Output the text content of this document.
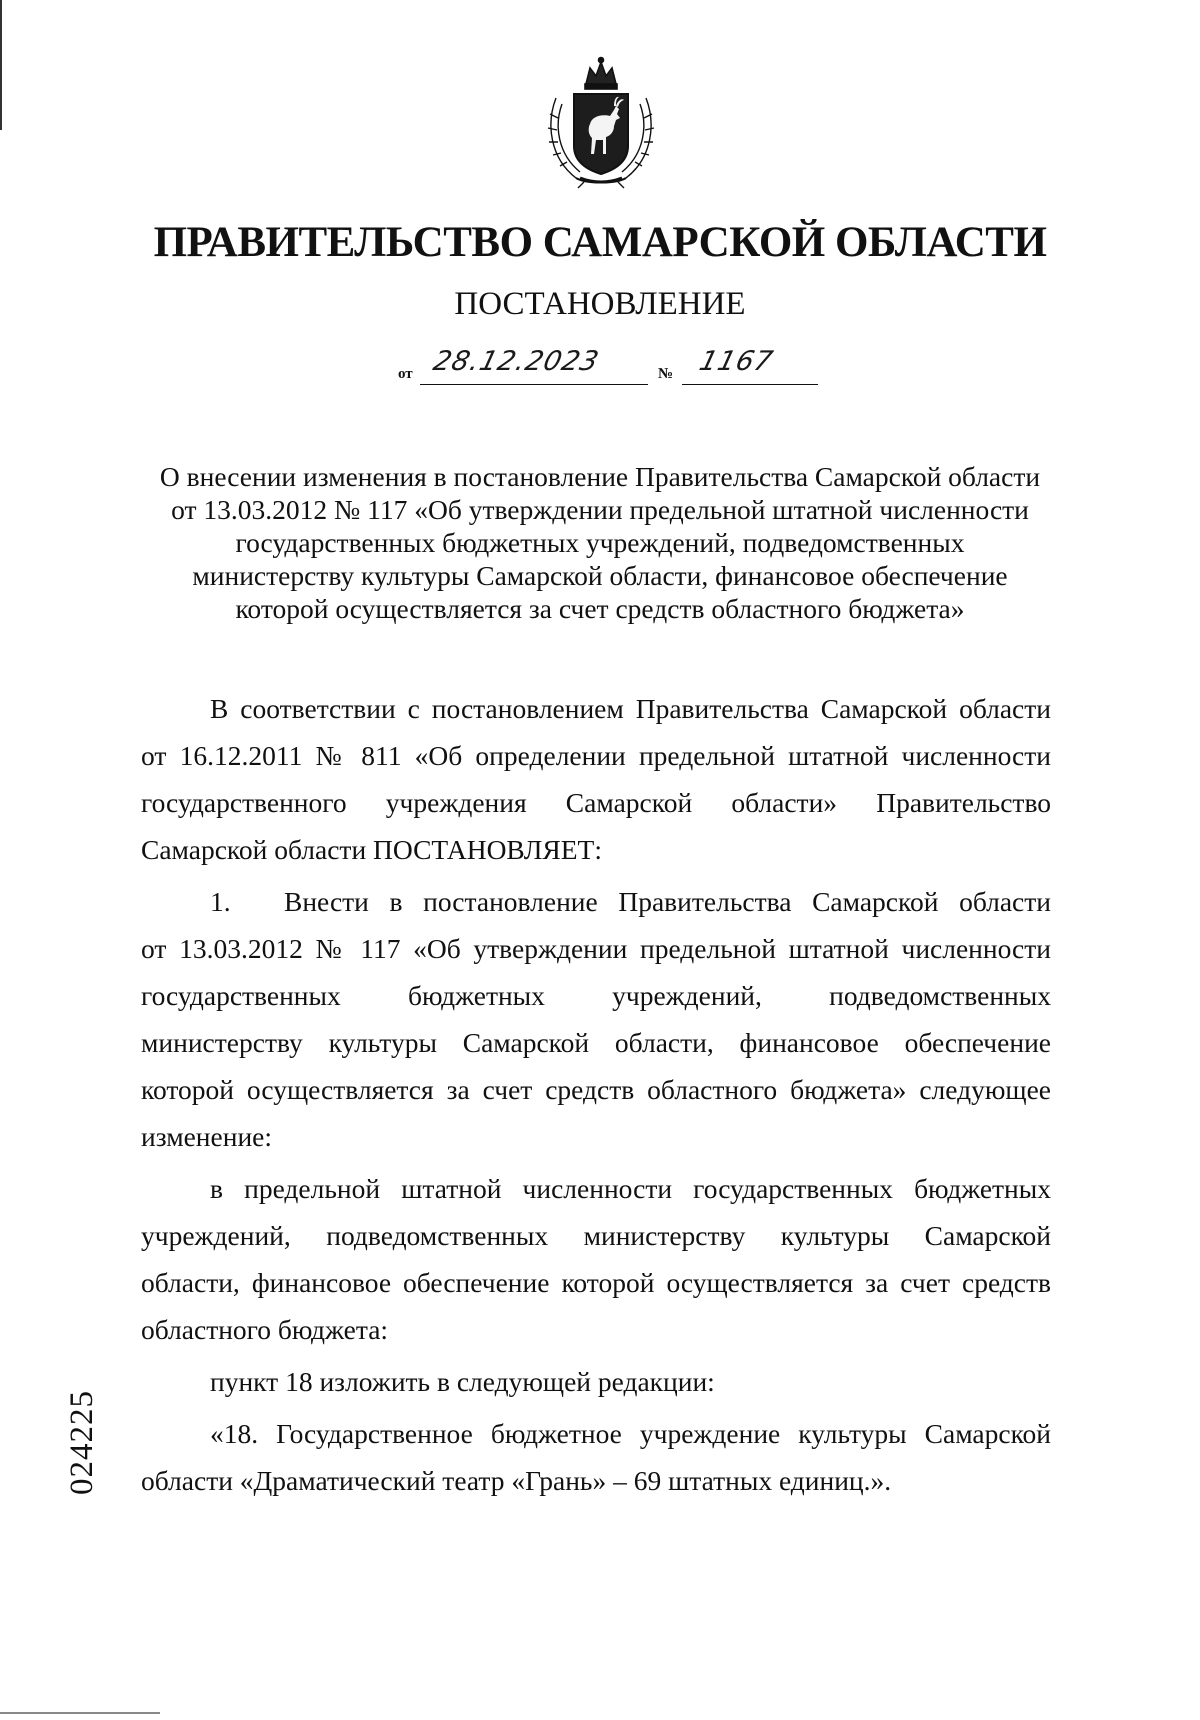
ПРАВИТЕЛЬСТВО САМАРСКОЙ ОБЛАСТИ
ПОСТАНОВЛЕНИЕ
от 28.12.2023	№ 1167
О внесении изменения в постановление Правительства Самарской области
от 13.03.2012 № 117 «Об утверждении предельной штатной численности
государственных бюджетных учреждений, подведомственных
министерству культуры Самарской области, финансовое обеспечение
которой осуществляется за счет средств областного бюджета»
В соответствии с постановлением Правительства Самарской области
от 16.12.2011 № 811 «Об определении предельной штатной численности
государственного учреждения Самарской области» Правительство
Самарской области ПОСТАНОВЛЯЕТ:
1. Внести в постановление Правительства Самарской области
от 13.03.2012 № 117 «Об утверждении предельной штатной численности
государственных бюджетных учреждений, подведомственных
министерству культуры Самарской области, финансовое обеспечение
которой осуществляется за счет средств областного бюджета» следующее
изменение:
в предельной штатной численности государственных бюджетных
учреждений, подведомственных министерству культуры Самарской
области, финансовое обеспечение которой осуществляется за счет средств
областного бюджета:
пункт 18 изложить в следующей редакции:
«18. Государственное бюджетное учреждение культуры Самарской
области «Драматический театр «Грань» – 69 штатных единиц.».
024225
